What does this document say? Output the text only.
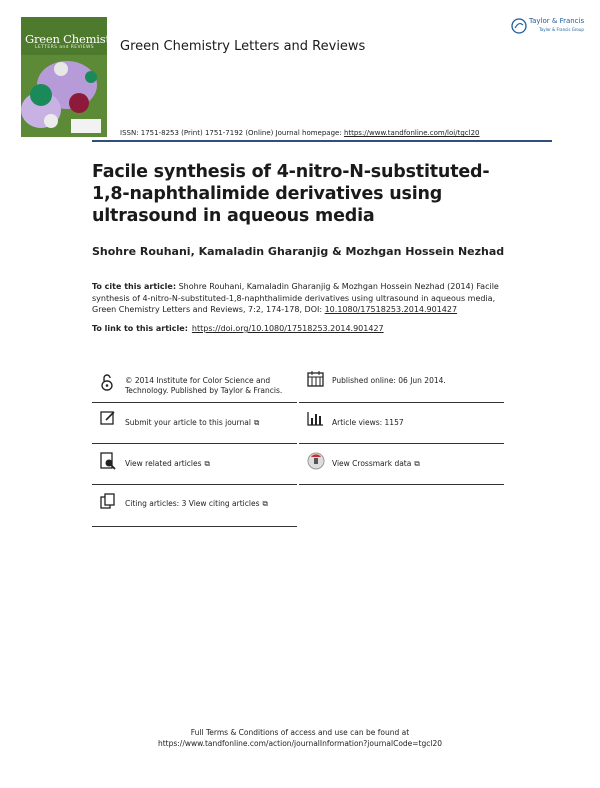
Green Chemistry
LETTERS and REVIEWS Green Chemistry Letters and Reviews
Taylor & Francis
Taylor & Francis Group
ISSN: 1751-8253 (Print) 1751-7192 (Online) Journal homepage: https://www.tandfonline.com/loi/tgcl20
Facile synthesis of 4-nitro-N-substituted-1,8-naphthalimide derivatives using ultrasound in aqueous media
Shohre Rouhani, Kamaladin Gharanjig & Mozhgan Hossein Nezhad
To cite this article: Shohre Rouhani, Kamaladin Gharanjig & Mozhgan Hossein Nezhad (2014) Facile synthesis of 4-nitro-N-substituted-1,8-naphthalimide derivatives using ultrasound in aqueous media, Green Chemistry Letters and Reviews, 7:2, 174-178, DOI: 10.1080/17518253.2014.901427
To link to this article: https://doi.org/10.1080/17518253.2014.901427
© 2014 Institute for Color Science and Technology. Published by Taylor & Francis.
Submit your article to this journal ⧉
View related articles ⧉
Citing articles: 3 View citing articles ⧉
Published online: 06 Jun 2014.
Article views: 1157
View Crossmark data ⧉
Full Terms & Conditions of access and use can be found at
https://www.tandfonline.com/action/journalInformation?journalCode=tgcl20
